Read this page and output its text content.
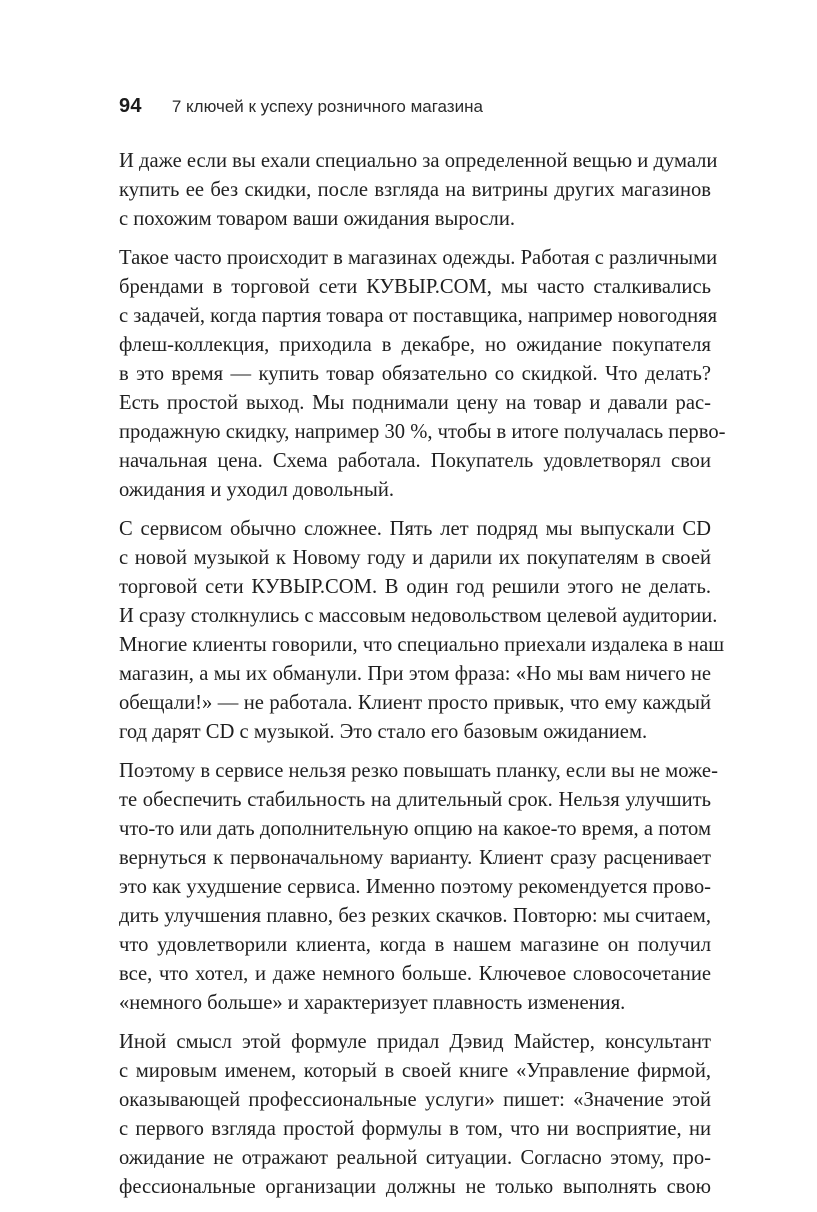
94 7 ключей к успеху розничного магазина
И даже если вы ехали специально за определенной вещью и думали
купить ее без скидки, после взгляда на витрины других магазинов
с похожим товаром ваши ожидания выросли.
Такое часто происходит в магазинах одежды. Работая с различными
брендами в торговой сети КУВЫР.COM, мы часто сталкивались
с задачей, когда партия товара от поставщика, например новогодняя
флеш-коллекция, приходила в декабре, но ожидание покупателя
в это время — купить товар обязательно со скидкой. Что делать?
Есть простой выход. Мы поднимали цену на товар и давали рас-
продажную скидку, например 30 %, чтобы в итоге получалась перво-
начальная цена. Схема работала. Покупатель удовлетворял свои
ожидания и уходил довольный.
С сервисом обычно сложнее. Пять лет подряд мы выпускали CD
с новой музыкой к Новому году и дарили их покупателям в своей
торговой сети КУВЫР.COM. В один год решили этого не делать.
И сразу столкнулись с массовым недовольством целевой аудитории.
Многие клиенты говорили, что специально приехали издалека в наш
магазин, а мы их обманули. При этом фраза: «Но мы вам ничего не
обещали!» — не работала. Клиент просто привык, что ему каждый
год дарят CD с музыкой. Это стало его базовым ожиданием.
Поэтому в сервисе нельзя резко повышать планку, если вы не може-
те обеспечить стабильность на длительный срок. Нельзя улучшить
что-то или дать дополнительную опцию на какое-то время, а потом
вернуться к первоначальному варианту. Клиент сразу расценивает
это как ухудшение сервиса. Именно поэтому рекомендуется прово-
дить улучшения плавно, без резких скачков. Повторю: мы считаем,
что удовлетворили клиента, когда в нашем магазине он получил
все, что хотел, и даже немного больше. Ключевое словосочетание
«немного больше» и характеризует плавность изменения.
Иной смысл этой формуле придал Дэвид Майстер, консультант
с мировым именем, который в своей книге «Управление фирмой,
оказывающей профессиональные услуги» пишет: «Значение этой
с первого взгляда простой формулы в том, что ни восприятие, ни
ожидание не отражают реальной ситуации. Согласно этому, про-
фессиональные организации должны не только выполнять свою
